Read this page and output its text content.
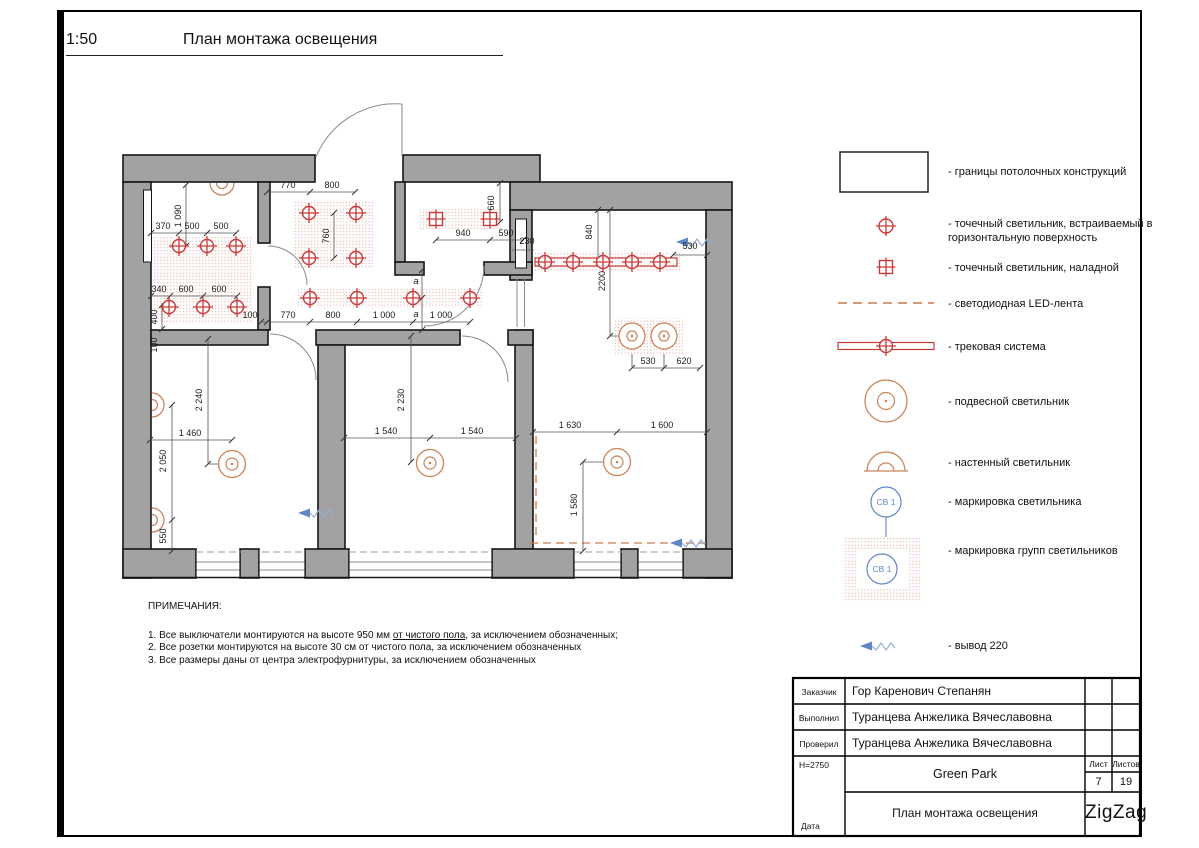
1:50	План монтажа освещения
1 090
370 500 500
340 600 600
400
100
770	800
760
100	770	800	1 000	1 000
a
a
940	590
660
230
840
2200
530
530 620
1 630	1 600
1 580
2 240
1 460
2 050
550
2 230
1 540	1 540
СВ 1
СВ 1
- границы потолочных конструкций
- точечный светильник, встраиваемый в горизонтальную поверхность
- точечный светильник, наладной
- светодиодная LED-лента
- трековая система
- подвесной светильник
- настенный светильник
- маркировка светильника
- маркировка групп светильников
- вывод 220
ПРИМЕЧАНИЯ:
1. Все выключатели монтируются на высоте 950 мм от чистого пола, за исключением обозначенных;
2. Все розетки монтируются на высоте 30 см от чистого пола, за исключением обозначенных
3. Все размеры даны от центра электрофурнитуры, за исключением обозначенных
Заказчик	Гор Каренович Степанян
Выполнил	Туранцева Анжелика Вячеславовна
Проверил	Туранцева Анжелика Вячеславовна
H=2750
Дата
Green Park
Лист Листов
7	19
План монтажа освещения	ZigZag
